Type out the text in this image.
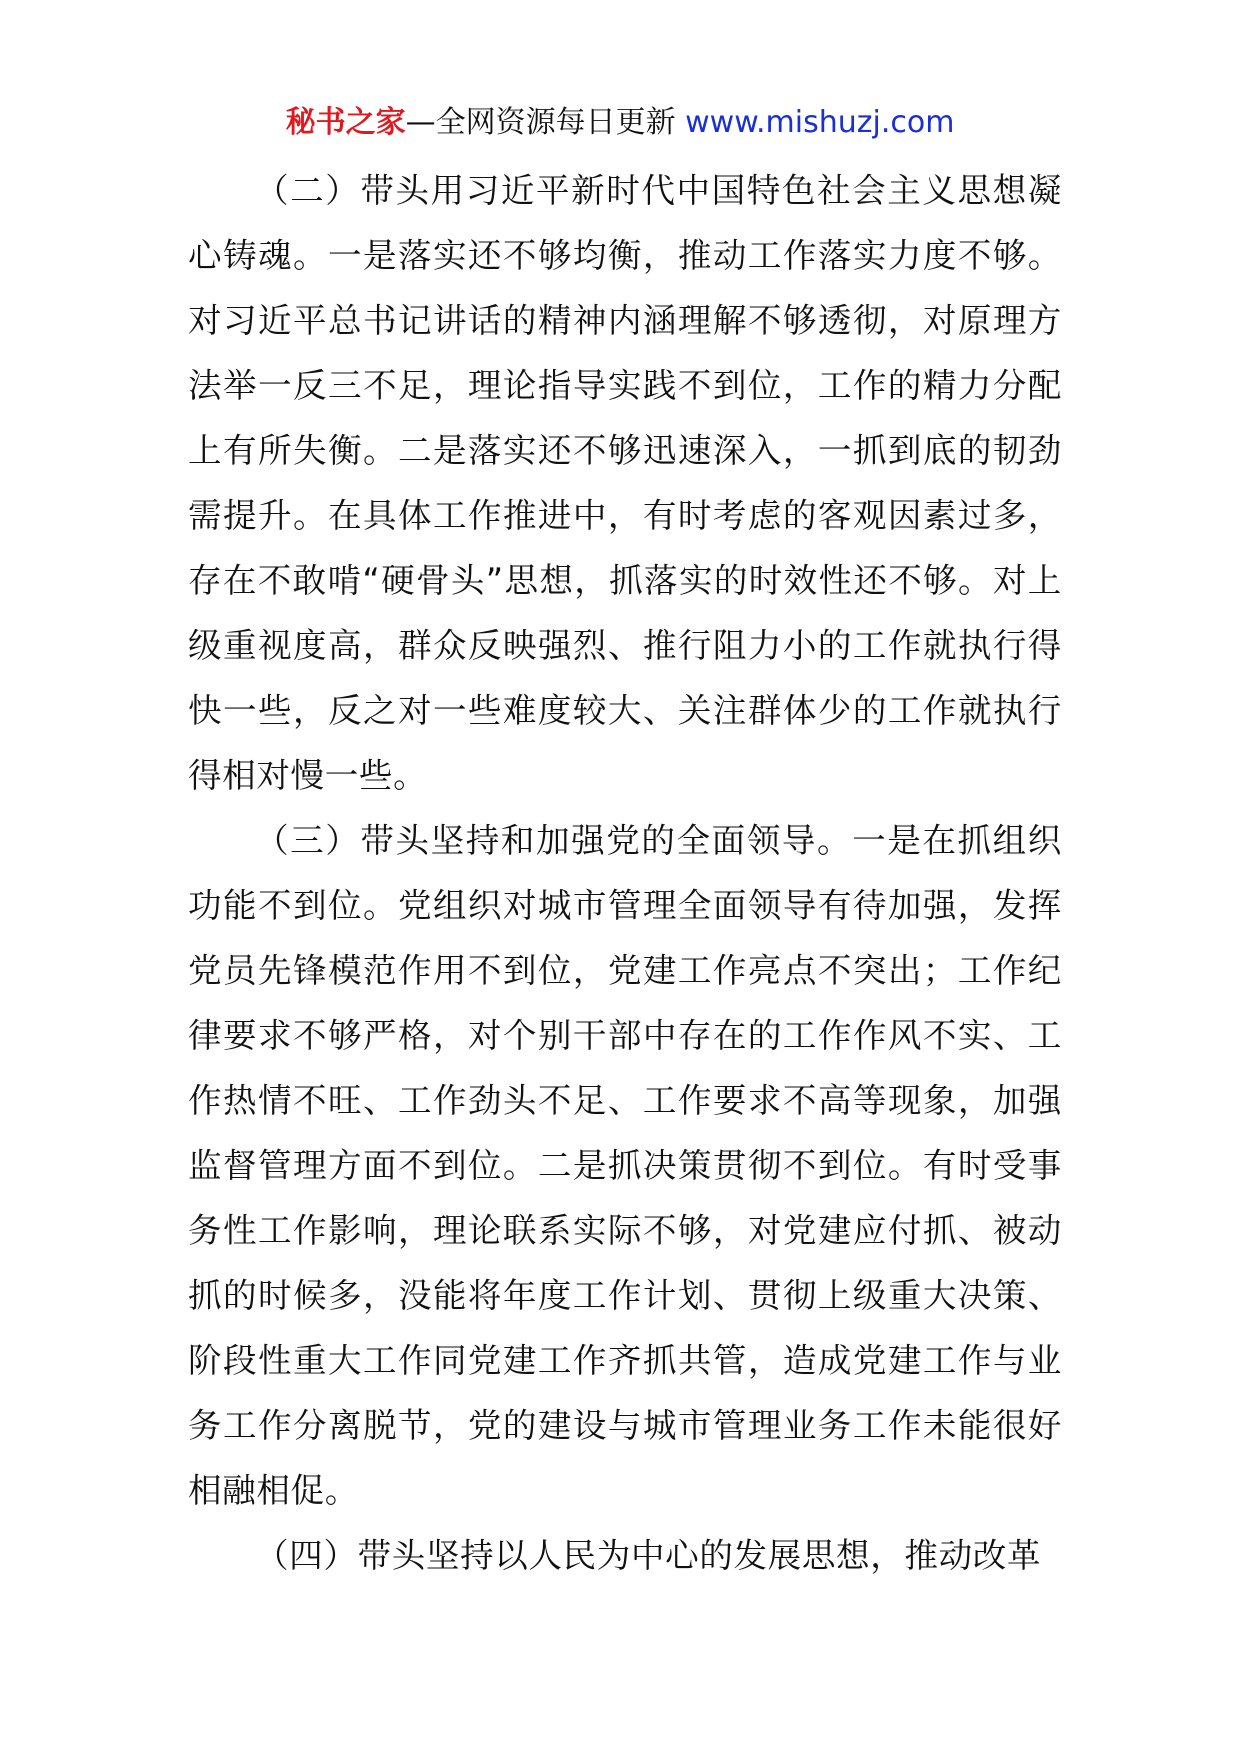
秘书之家—全网资源每日更新 www.mishuzj.com

（二）带头用习近平新时代中国特色社会主义思想凝心铸魂。一是落实还不够均衡，推动工作落实力度不够。对习近平总书记讲话的精神内涵理解不够透彻，对原理方法举一反三不足，理论指导实践不到位，工作的精力分配上有所失衡。二是落实还不够迅速深入，一抓到底的韧劲需提升。在具体工作推进中，有时考虑的客观因素过多，存在不敢啃“硬骨头”思想，抓落实的时效性还不够。对上级重视度高，群众反映强烈、推行阻力小的工作就执行得快一些，反之对一些难度较大、关注群体少的工作就执行得相对慢一些。

（三）带头坚持和加强党的全面领导。一是在抓组织功能不到位。党组织对城市管理全面领导有待加强，发挥党员先锋模范作用不到位，党建工作亮点不突出；工作纪律要求不够严格，对个别干部中存在的工作作风不实、工作热情不旺、工作劲头不足、工作要求不高等现象，加强监督管理方面不到位。二是抓决策贯彻不到位。有时受事务性工作影响，理论联系实际不够，对党建应付抓、被动抓的时候多，没能将年度工作计划、贯彻上级重大决策、阶段性重大工作同党建工作齐抓共管，造成党建工作与业务工作分离脱节，党的建设与城市管理业务工作未能很好相融相促。

（四）带头坚持以人民为中心的发展思想，推动改革
